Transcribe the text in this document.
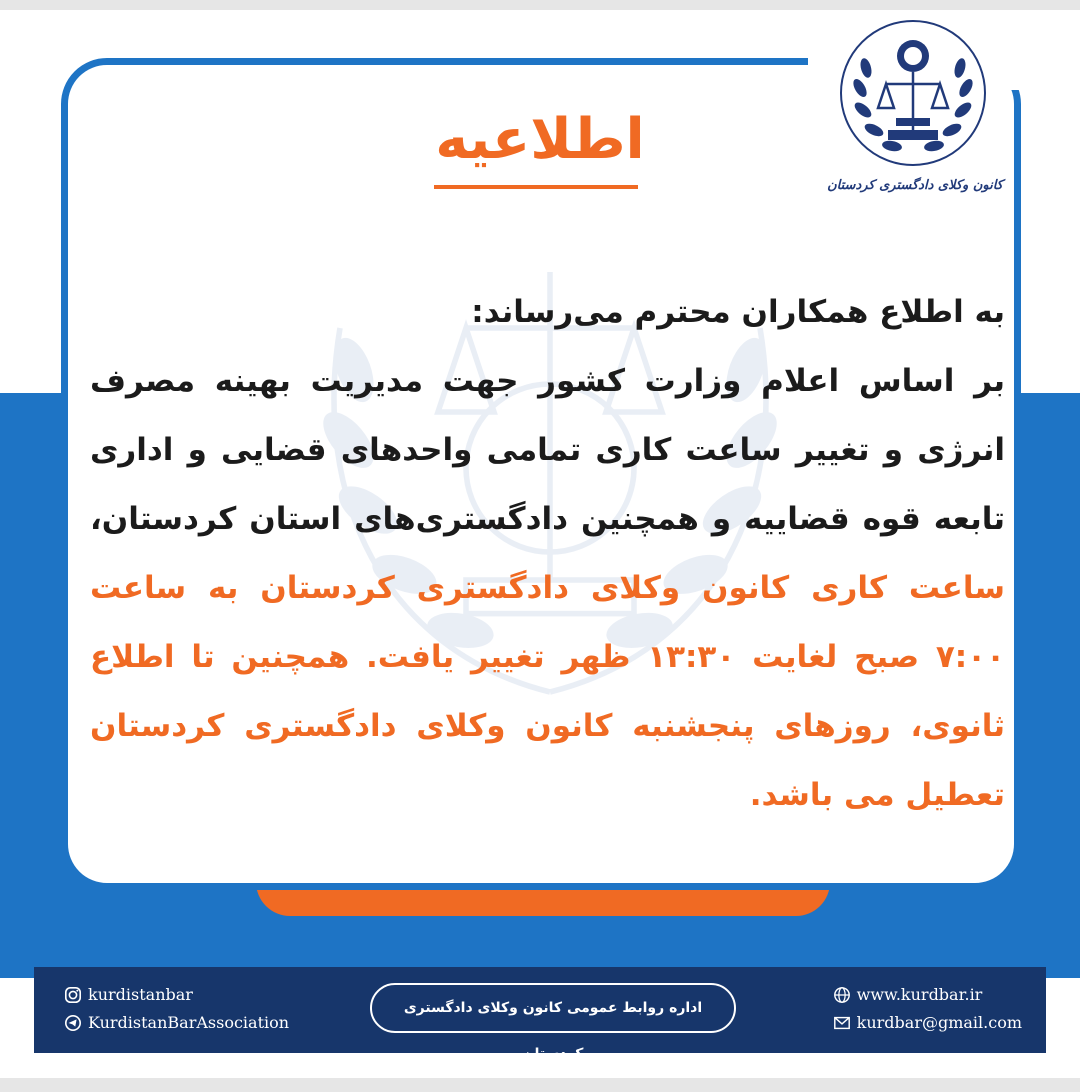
کانون وکلای دادگستری کردستان
اطلاعیه

به اطلاع همکاران محترم می‌رساند:

بر اساس اعلام وزارت کشور جهت مدیریت بهینه مصرف انرژی و تغییر ساعت کاری تمامی واحدهای قضایی و اداری تابعه قوه قضاییه و همچنین دادگستری‌های استان کردستان، ساعت کاری کانون وکلای دادگستری کردستان به ساعت ۷:۰۰ صبح لغایت ۱۳:۳۰ ظهر تغییر یافت. همچنین تا اطلاع ثانوی، روزهای پنجشنبه کانون وکلای دادگستری کردستان تعطیل می باشد.

kurdistanbar
KurdistanBarAssociation
اداره روابط عمومی کانون وکلای دادگستری کردستان
www.kurdbar.ir
kurdbar@gmail.com
